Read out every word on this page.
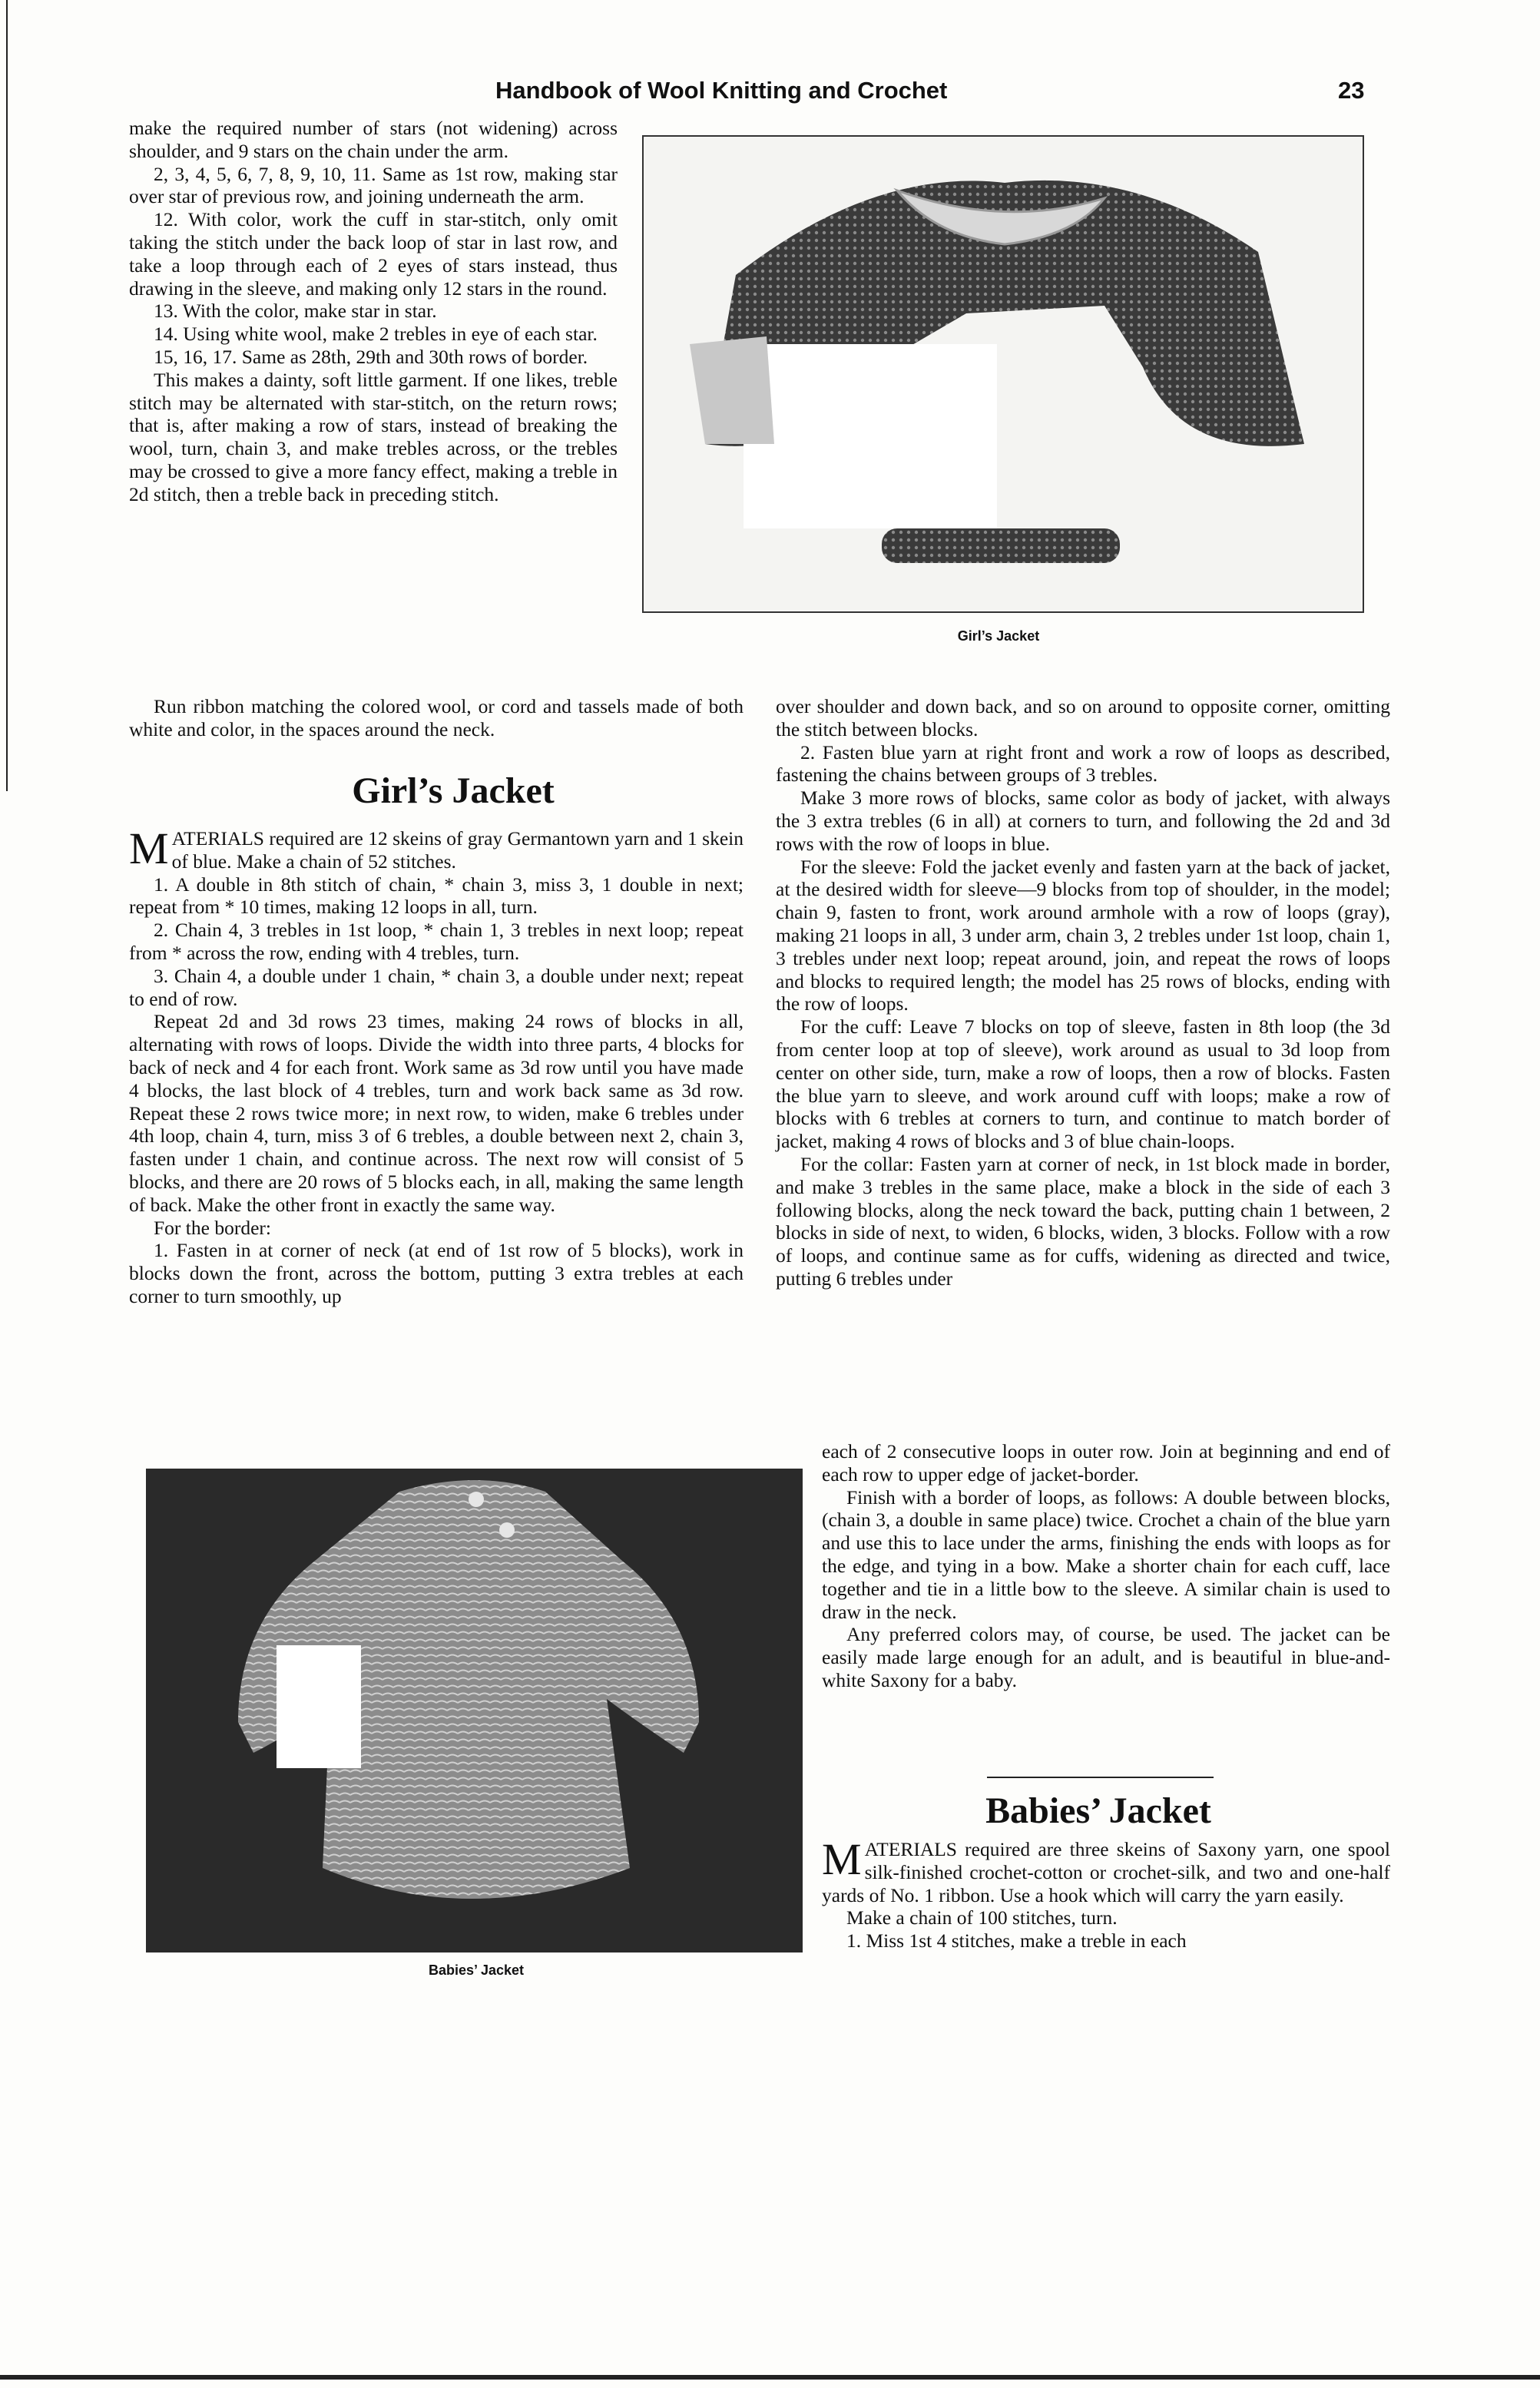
Handbook of Wool Knitting and Crochet	23

make the required number of stars (not widening) across shoulder, and 9 stars on the chain under the arm.

2, 3, 4, 5, 6, 7, 8, 9, 10, 11. Same as 1st row, making star over star of previous row, and joining underneath the arm.

12. With color, work the cuff in star-stitch, only omit taking the stitch under the back loop of star in last row, and take a loop through each of 2 eyes of stars instead, thus drawing in the sleeve, and making only 12 stars in the round.

13. With the color, make star in star.

14. Using white wool, make 2 trebles in eye of each star.

15, 16, 17. Same as 28th, 29th and 30th rows of border.

This makes a dainty, soft little garment. If one likes, treble stitch may be alternated with star-stitch, on the return rows; that is, after making a row of stars, instead of breaking the wool, turn, chain 3, and make trebles across, or the trebles may be crossed to give a more fancy effect, making a treble in 2d stitch, then a treble back in preceding stitch.

Run ribbon matching the colored wool, or cord and tassels made of both white and color, in the spaces around the neck.

Girl’s Jacket
Girl’s Jacket

MATERIALS required are 12 skeins of gray Germantown yarn and 1 skein of blue. Make a chain of 52 stitches.

1. A double in 8th stitch of chain, * chain 3, miss 3, 1 double in next; repeat from * 10 times, making 12 loops in all, turn.

2. Chain 4, 3 trebles in 1st loop, * chain 1, 3 trebles in next loop; repeat from * across the row, ending with 4 trebles, turn.

3. Chain 4, a double under 1 chain, * chain 3, a double under next; repeat to end of row.

Repeat 2d and 3d rows 23 times, making 24 rows of blocks in all, alternating with rows of loops. Divide the width into three parts, 4 blocks for back of neck and 4 for each front. Work same as 3d row until you have made 4 blocks, the last block of 4 trebles, turn and work back same as 3d row. Repeat these 2 rows twice more; in next row, to widen, make 6 trebles under 4th loop, chain 4, turn, miss 3 of 6 trebles, a double between next 2, chain 3, fasten under 1 chain, and continue across. The next row will consist of 5 blocks, and there are 20 rows of 5 blocks each, in all, making the same length of back. Make the other front in exactly the same way.

For the border:

1. Fasten in at corner of neck (at end of 1st row of 5 blocks), work in blocks down the front, across the bottom, putting 3 extra trebles at each corner to turn smoothly, up

over shoulder and down back, and so on around to opposite corner, omitting the stitch between blocks.

2. Fasten blue yarn at right front and work a row of loops as described, fastening the chains between groups of 3 trebles.

Make 3 more rows of blocks, same color as body of jacket, with always the 3 extra trebles (6 in all) at corners to turn, and following the 2d and 3d rows with the row of loops in blue.

For the sleeve: Fold the jacket evenly and fasten yarn at the back of jacket, at the desired width for sleeve—9 blocks from top of shoulder, in the model; chain 9, fasten to front, work around armhole with a row of loops (gray), making 21 loops in all, 3 under arm, chain 3, 2 trebles under 1st loop, chain 1, 3 trebles under next loop; repeat around, join, and repeat the rows of loops and blocks to required length; the model has 25 rows of blocks, ending with the row of loops.

For the cuff: Leave 7 blocks on top of sleeve, fasten in 8th loop (the 3d from center loop at top of sleeve), work around as usual to 3d loop from center on other side, turn, make a row of loops, then a row of blocks. Fasten the blue yarn to sleeve, and work around cuff with loops; make a row of blocks with 6 trebles at corners to turn, and continue to match border of jacket, making 4 rows of blocks and 3 of blue chain-loops.

For the collar: Fasten yarn at corner of neck, in 1st block made in border, and make 3 trebles in the same place, make a block in the side of each 3 following blocks, along the neck toward the back, putting chain 1 between, 2 blocks in side of next, to widen, 6 blocks, widen, 3 blocks. Follow with a row of loops, and continue same as for cuffs, widening as directed and twice, putting 6 trebles under

each of 2 consecutive loops in outer row. Join at beginning and end of each row to upper edge of jacket-border.

Finish with a border of loops, as follows: A double between blocks, (chain 3, a double in same place) twice. Crochet a chain of the blue yarn and use this to lace under the arms, finishing the ends with loops as for the edge, and tying in a bow. Make a shorter chain for each cuff, lace together and tie in a little bow to the sleeve. A similar chain is used to draw in the neck.

Any preferred colors may, of course, be used. The jacket can be easily made large enough for an adult, and is beautiful in blue-and-white Saxony for a baby.

Babies’ Jacket
Babies’ Jacket

MATERIALS required are three skeins of Saxony yarn, one spool silk-finished crochet-cotton or crochet-silk, and two and one-half yards of No. 1 ribbon. Use a hook which will carry the yarn easily.

Make a chain of 100 stitches, turn.

1. Miss 1st 4 stitches, make a treble in each
